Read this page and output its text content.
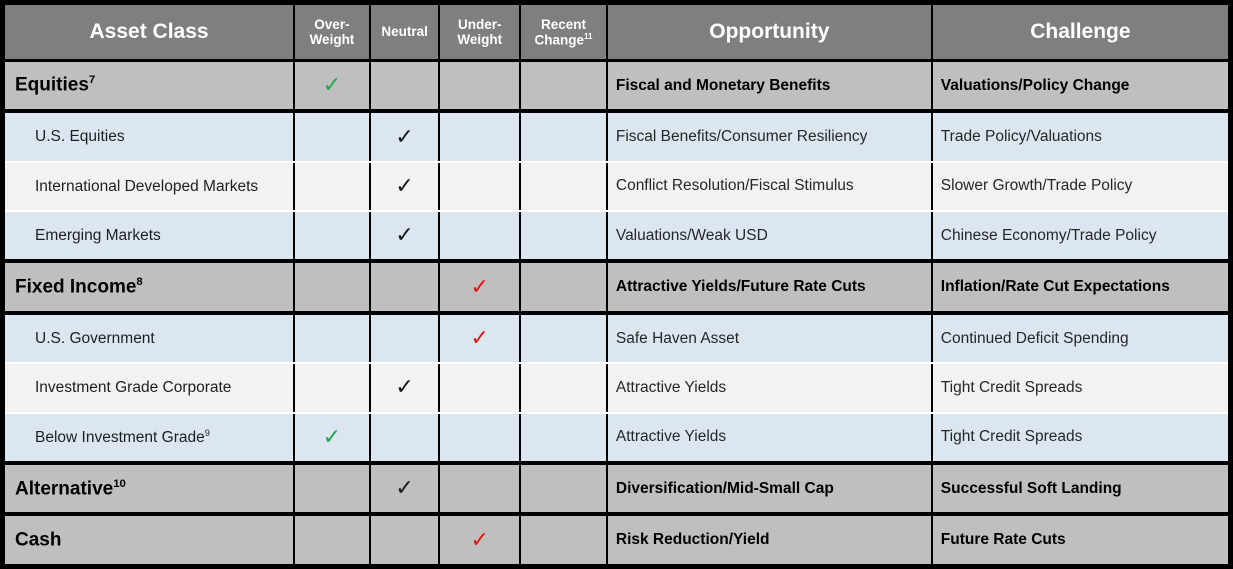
Asset Class	Over-Weight	Neutral	Under-Weight	Recent Change$^{11}$	Opportunity	Challenge
Equities$^7$	✓				Fiscal and Monetary Benefits	Valuations/Policy Change
U.S. Equities		✓			Fiscal Benefits/Consumer Resiliency	Trade Policy/Valuations
International Developed Markets		✓			Conflict Resolution/Fiscal Stimulus	Slower Growth/Trade Policy
Emerging Markets		✓			Valuations/Weak USD	Chinese Economy/Trade Policy
Fixed Income$^8$			✓		Attractive Yields/Future Rate Cuts	Inflation/Rate Cut Expectations
U.S. Government			✓		Safe Haven Asset	Continued Deficit Spending
Investment Grade Corporate		✓			Attractive Yields	Tight Credit Spreads
Below Investment Grade$^9$	✓				Attractive Yields	Tight Credit Spreads
Alternative$^{10}$		✓			Diversification/Mid-Small Cap	Successful Soft Landing
Cash			✓		Risk Reduction/Yield	Future Rate Cuts
